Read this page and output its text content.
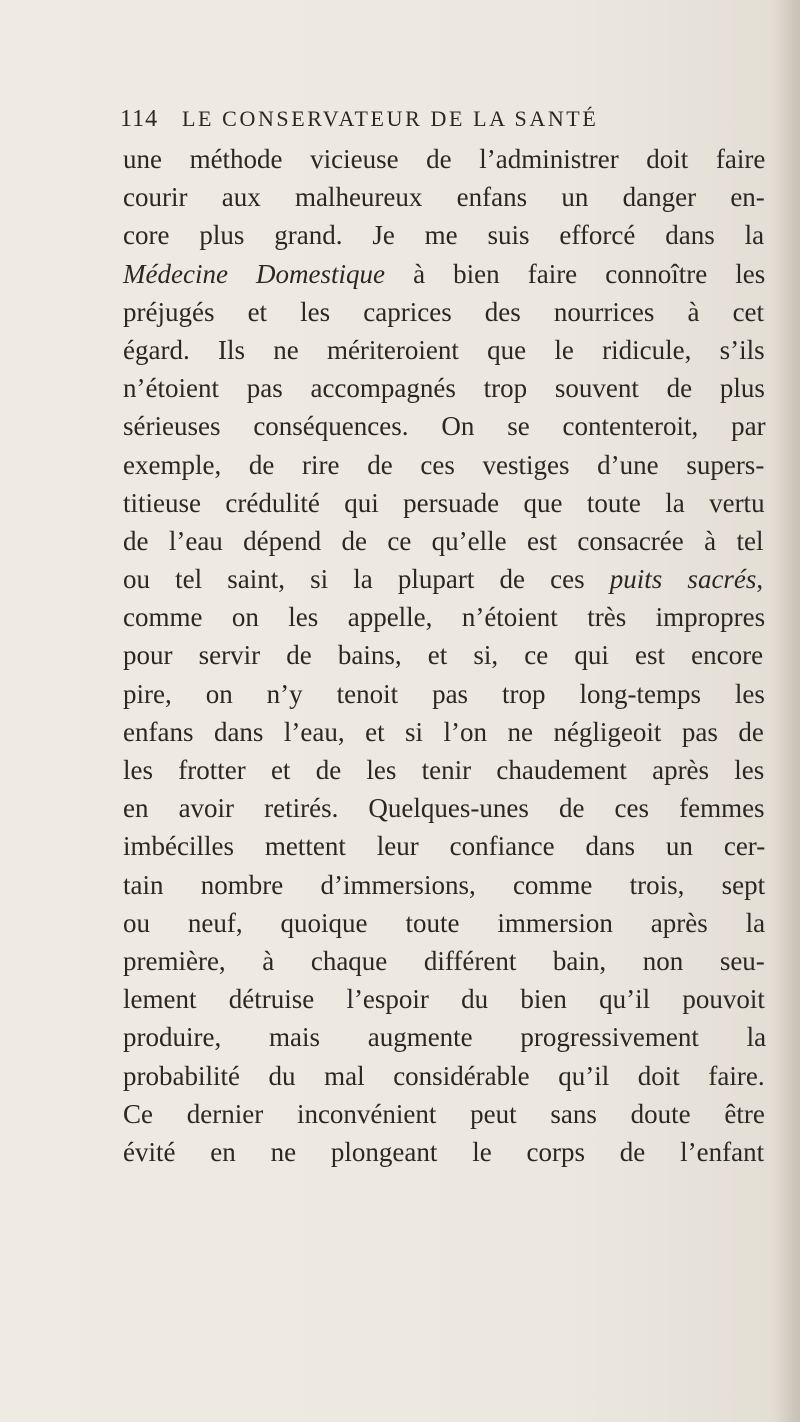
114	LE CONSERVATEUR DE LA SANTÉ
une méthode vicieuse de l’administrer doit faire
courir aux malheureux enfans un danger en-
core plus grand. Je me suis efforcé dans la
Médecine Domestique à bien faire connoître les
préjugés et les caprices des nourrices à cet
égard. Ils ne mériteroient que le ridicule, s’ils
n’étoient pas accompagnés trop souvent de plus
sérieuses conséquences. On se contenteroit, par
exemple, de rire de ces vestiges d’une supers-
titieuse crédulité qui persuade que toute la vertu
de l’eau dépend de ce qu’elle est consacrée à tel
ou tel saint, si la plupart de ces puits sacrés,
comme on les appelle, n’étoient très impropres
pour servir de bains, et si, ce qui est encore
pire, on n’y tenoit pas trop long-temps les
enfans dans l’eau, et si l’on ne négligeoit pas de
les frotter et de les tenir chaudement après les
en avoir retirés. Quelques-unes de ces femmes
imbécilles mettent leur confiance dans un cer-
tain nombre d’immersions, comme trois, sept
ou neuf, quoique toute immersion après la
première, à chaque différent bain, non seu-
lement détruise l’espoir du bien qu’il pouvoit
produire, mais augmente progressivement la
probabilité du mal considérable qu’il doit faire.
Ce dernier inconvénient peut sans doute être
évité en ne plongeant le corps de l’enfant
